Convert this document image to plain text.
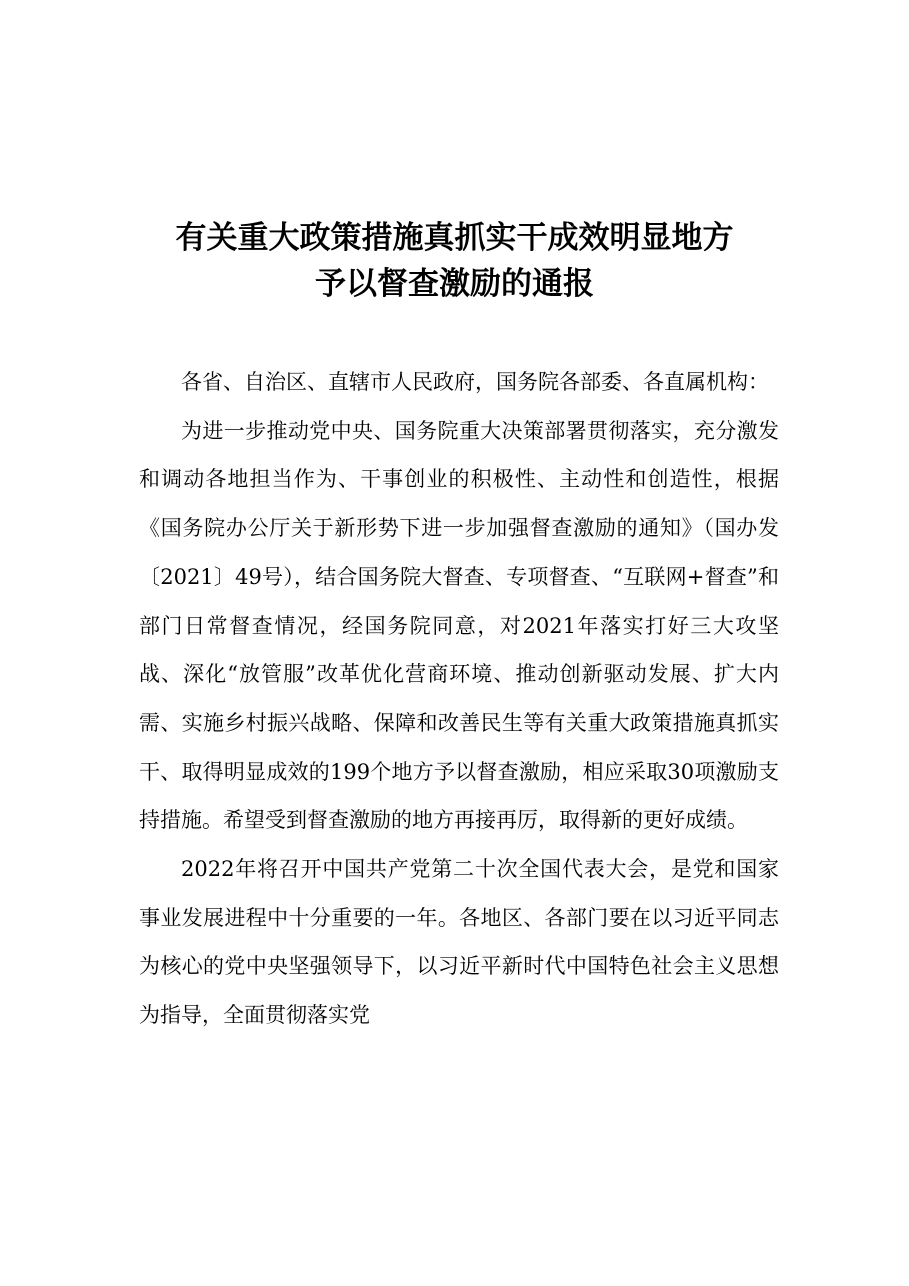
有关重大政策措施真抓实干成效明显地方
予以督查激励的通报

各省、自治区、直辖市人民政府，国务院各部委、各直属机构：

为进一步推动党中央、国务院重大决策部署贯彻落实，充分激发和调动各地担当作为、干事创业的积极性、主动性和创造性，根据《国务院办公厅关于新形势下进一步加强督查激励的通知》（国办发〔2021〕49号），结合国务院大督查、专项督查、“互联网+督查”和部门日常督查情况，经国务院同意，对2021年落实打好三大攻坚战、深化“放管服”改革优化营商环境、推动创新驱动发展、扩大内需、实施乡村振兴战略、保障和改善民生等有关重大政策措施真抓实干、取得明显成效的199个地方予以督查激励，相应采取30项激励支持措施。希望受到督查激励的地方再接再厉，取得新的更好成绩。

2022年将召开中国共产党第二十次全国代表大会，是党和国家事业发展进程中十分重要的一年。各地区、各部门要在以习近平同志为核心的党中央坚强领导下，以习近平新时代中国特色社会主义思想为指导，全面贯彻落实党
